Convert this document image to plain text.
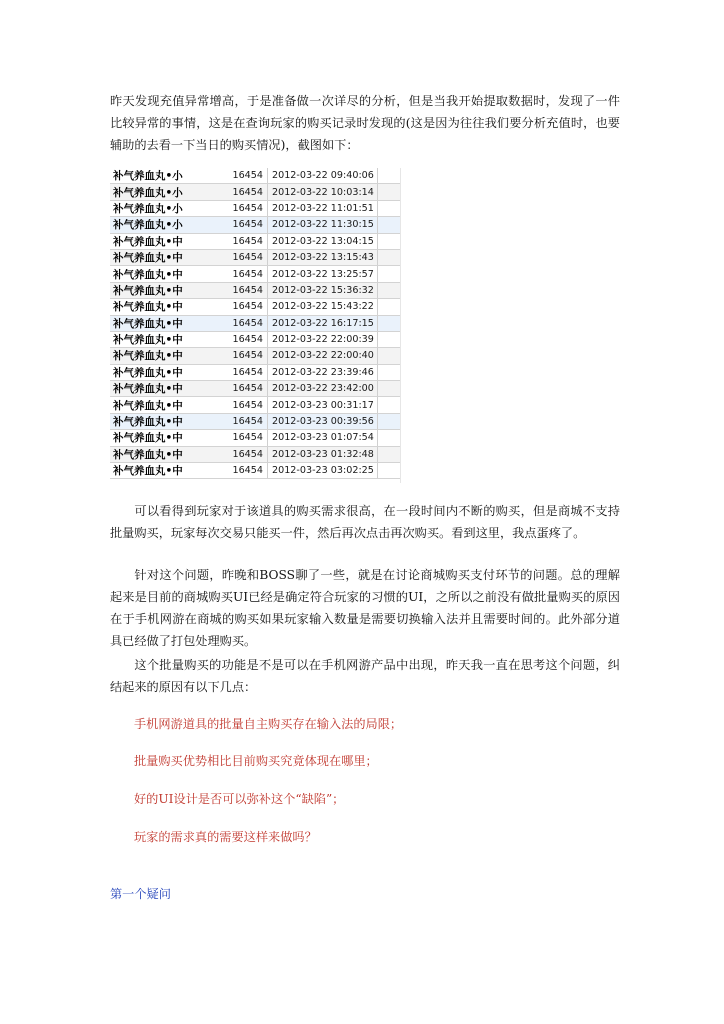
昨天发现充值异常增高，于是准备做一次详尽的分析，但是当我开始提取数据时，发现了一件比较异常的事情，这是在查询玩家的购买记录时发现的(这是因为往往我们要分析充值时，也要辅助的去看一下当日的购买情况)，截图如下：

补气养血丸•小	16454 2012-03-22 09:40:06
补气养血丸•小	16454 2012-03-22 10:03:14
补气养血丸•小	16454 2012-03-22 11:01:51
补气养血丸•小	16454 2012-03-22 11:30:15
补气养血丸•中	16454 2012-03-22 13:04:15
补气养血丸•中	16454 2012-03-22 13:15:43
补气养血丸•中	16454 2012-03-22 13:25:57
补气养血丸•中	16454 2012-03-22 15:36:32
补气养血丸•中	16454 2012-03-22 15:43:22
补气养血丸•中	16454 2012-03-22 16:17:15
补气养血丸•中	16454 2012-03-22 22:00:39
补气养血丸•中	16454 2012-03-22 22:00:40
补气养血丸•中	16454 2012-03-22 23:39:46
补气养血丸•中	16454 2012-03-22 23:42:00
补气养血丸•中	16454 2012-03-23 00:31:17
补气养血丸•中	16454 2012-03-23 00:39:56
补气养血丸•中	16454 2012-03-23 01:07:54
补气养血丸•中	16454 2012-03-23 01:32:48
补气养血丸•中	16454 2012-03-23 03:02:25

可以看得到玩家对于该道具的购买需求很高，在一段时间内不断的购买，但是商城不支持批量购买，玩家每次交易只能买一件，然后再次点击再次购买。看到这里，我点蛋疼了。

针对这个问题，昨晚和BOSS聊了一些，就是在讨论商城购买支付环节的问题。总的理解起来是目前的商城购买UI已经是确定符合玩家的习惯的UI，之所以之前没有做批量购买的原因在于手机网游在商城的购买如果玩家输入数量是需要切换输入法并且需要时间的。此外部分道具已经做了打包处理购买。

这个批量购买的功能是不是可以在手机网游产品中出现，昨天我一直在思考这个问题，纠结起来的原因有以下几点：

手机网游道具的批量自主购买存在输入法的局限；

批量购买优势相比目前购买究竟体现在哪里；

好的UI设计是否可以弥补这个“缺陷”；

玩家的需求真的需要这样来做吗？

第一个疑问
